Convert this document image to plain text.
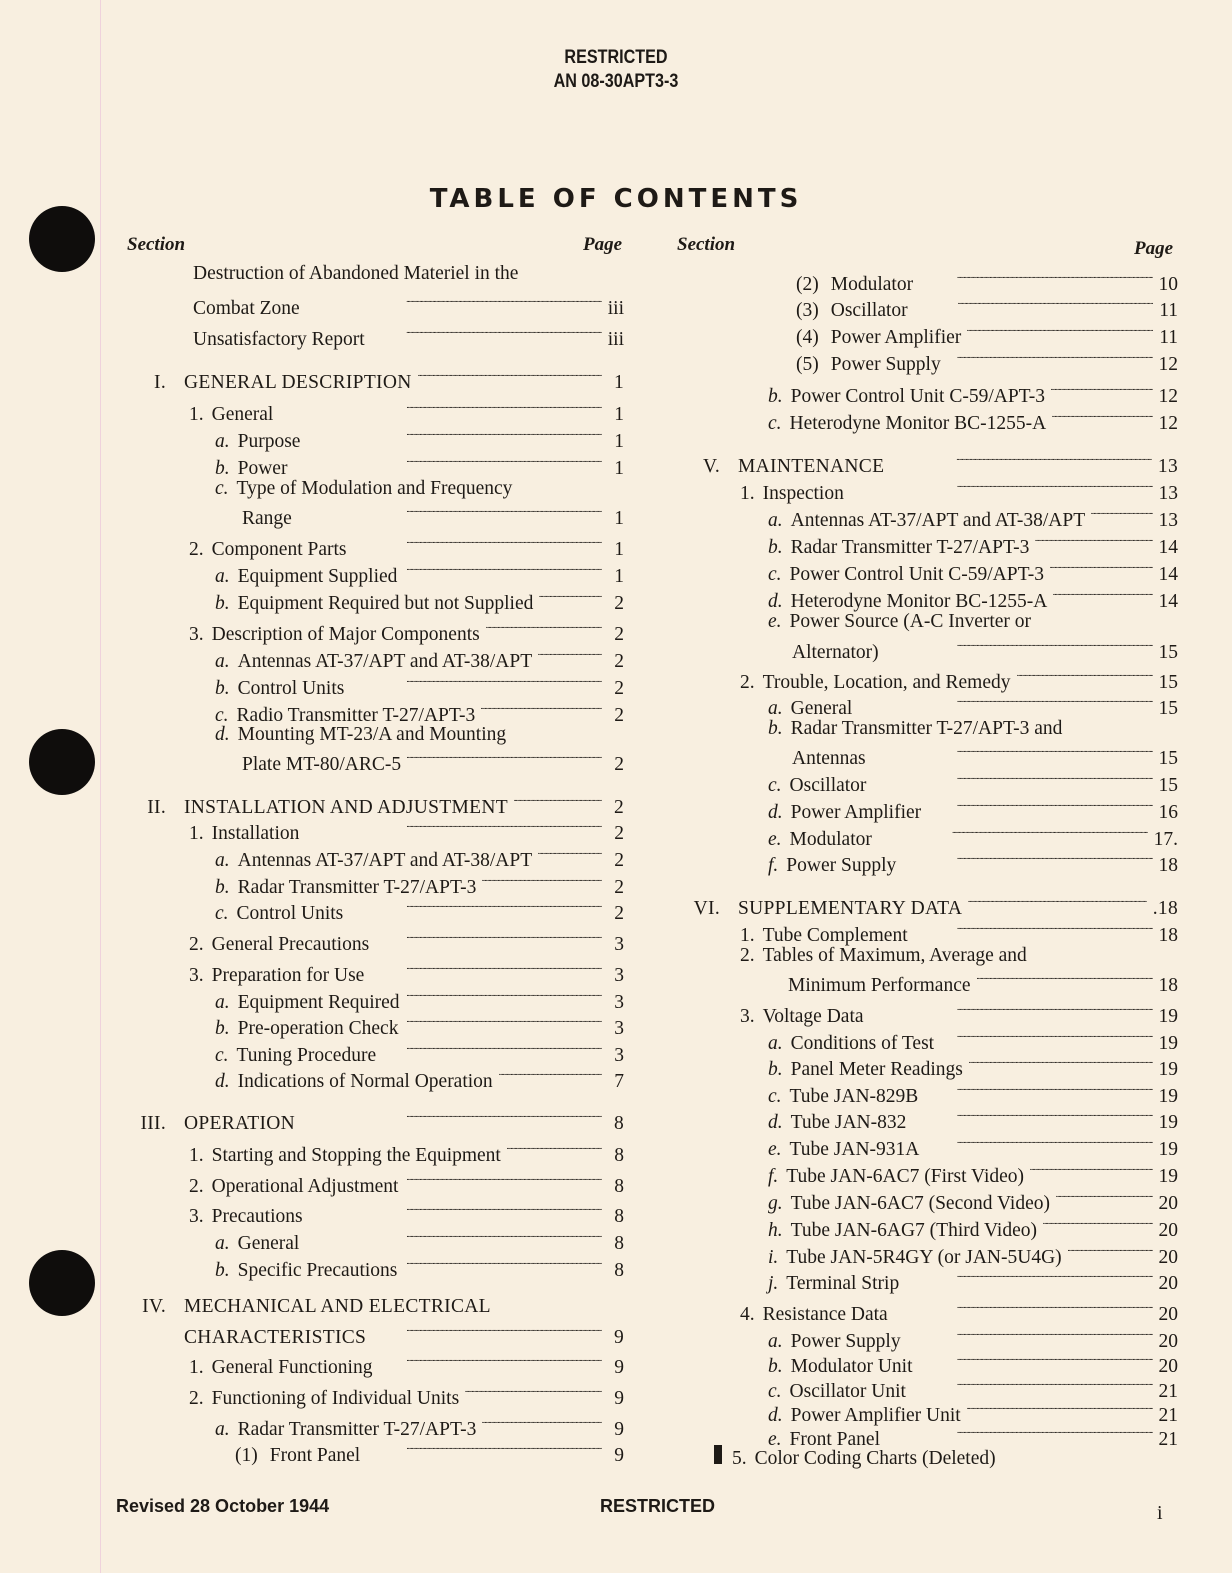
RESTRICTED
AN 08-30APT3-3
TABLE OF CONTENTS
Section	Page	Section	Page
Destruction of Abandoned Materiel in the
Combat Zone . . .	iii
Unsatisfactory Report . . .	iii
I. GENERAL DESCRIPTION . . .	1
1. General . . .	1
a. Purpose . . .	1
b. Power . . .	1
c. Type of Modulation and Frequency
Range . . .	1
2. Component Parts . . .	1
a. Equipment Supplied . . .	1
b. Equipment Required but not Supplied . . .	2
3. Description of Major Components . . .	2
a. Antennas AT-37/APT and AT-38/APT . . .	2
b. Control Units . . .	2
c. Radio Transmitter T-27/APT-3 . . .	2
d. Mounting MT-23/A and Mounting
Plate MT-80/ARC-5 . . .	2
II. INSTALLATION AND ADJUSTMENT . . .	2
1. Installation . . .	2
a. Antennas AT-37/APT and AT-38/APT . . .	2
b. Radar Transmitter T-27/APT-3 . . .	2
c. Control Units . . .	2
2. General Precautions . . .	3
3. Preparation for Use . . .	3
a. Equipment Required . . .	3
b. Pre-operation Check . . .	3
c. Tuning Procedure . . .	3
d. Indications of Normal Operation . . .	7
III. OPERATION . . .	8
1. Starting and Stopping the Equipment . . .	8
2. Operational Adjustment . . .	8
3. Precautions . . .	8
a. General . . .	8
b. Specific Precautions . . .	8
IV. MECHANICAL AND ELECTRICAL
CHARACTERISTICS . . .	9
1. General Functioning . . .	9
2. Functioning of Individual Units . . .	9
a. Radar Transmitter T-27/APT-3 . . .	9
(1) Front Panel . . .	9
(2) Modulator . . .	10
(3) Oscillator . . .	11
(4) Power Amplifier . . .	11
(5) Power Supply . . .	12
b. Power Control Unit C-59/APT-3 . . .	12
c. Heterodyne Monitor BC-1255-A . . .	12
V. MAINTENANCE . . .	13
1. Inspection . . .	13
a. Antennas AT-37/APT and AT-38/APT . . .	13
b. Radar Transmitter T-27/APT-3 . . .	14
c. Power Control Unit C-59/APT-3 . . .	14
d. Heterodyne Monitor BC-1255-A . . .	14
e. Power Source (A-C Inverter or
Alternator) . . .	15
2. Trouble, Location, and Remedy . . .	15
a. General . . .	15
b. Radar Transmitter T-27/APT-3 and
Antennas . . .	15
c. Oscillator . . .	15
d. Power Amplifier . . .	16
e. Modulator . . .	17.
f. Power Supply . . .	18
VI. SUPPLEMENTARY DATA . . .	.18
1. Tube Complement . . .	18
2. Tables of Maximum, Average and
Minimum Performance . . .	18
3. Voltage Data . . .	19
a. Conditions of Test . . .	19
b. Panel Meter Readings . . .	19
c. Tube JAN-829B . . .	19
d. Tube JAN-832 . . .	19
e. Tube JAN-931A . . .	19
f. Tube JAN-6AC7 (First Video) . . .	19
g. Tube JAN-6AC7 (Second Video) . . .	20
h. Tube JAN-6AG7 (Third Video) . . .	20
i. Tube JAN-5R4GY (or JAN-5U4G) . . .	20
j. Terminal Strip . . .	20
4. Resistance Data . . .	20
a. Power Supply . . .	20
b. Modulator Unit . . .	20
c. Oscillator Unit . . .	21
d. Power Amplifier Unit . . .	21
e. Front Panel . . .	21
5. Color Coding Charts (Deleted)
Revised 28 October 1944	RESTRICTED	i
